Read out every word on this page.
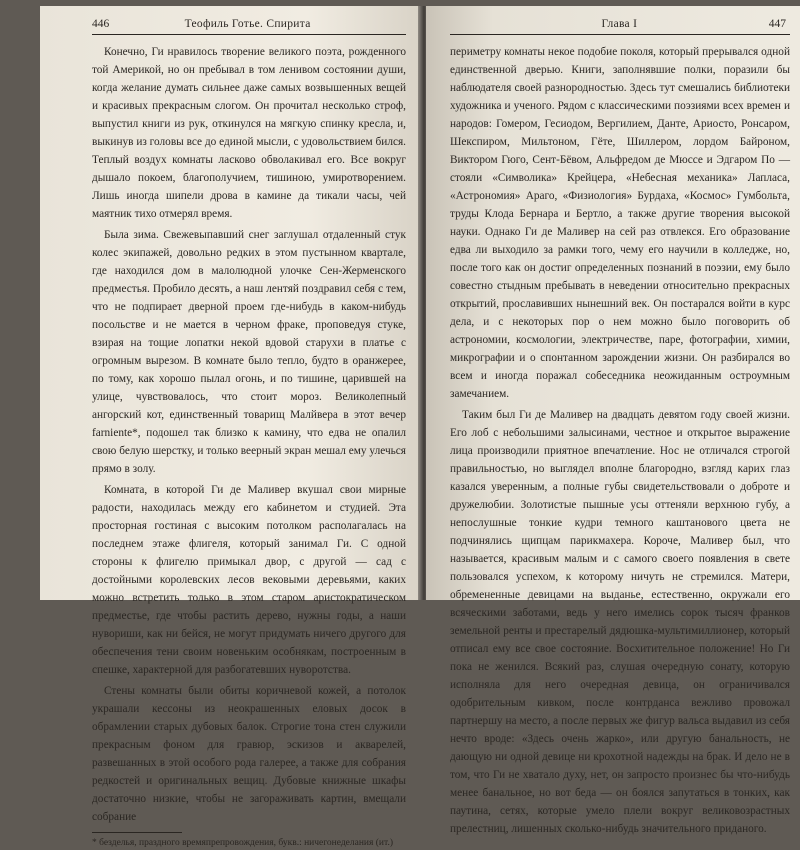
446	Теофиль Готье. Спирита

Конечно, Ги нравилось творение великого поэта, рожденного той Америкой, но он пребывал в том ленивом состоянии души, когда желание думать сильнее даже самых возвышенных вещей и красивых прекрасным слогом. Он прочитал несколько строф, выпустил книги из рук, откинулся на мягкую спинку кресла, и, выкинув из головы все до единой мысли, с удовольствием бился. Теплый воздух комнаты ласково обволакивал его. Все вокруг дышало покоем, благополучием, тишиною, умиротворением. Лишь иногда шипели дрова в камине да тикали часы, чей маятник тихо отмерял время.

Была зима. Свежевыпавший снег заглушал отдаленный стук колес экипажей, довольно редких в этом пустынном квартале, где находился дом в малолюдной улочке Сен-Жерменского предместья. Пробило десять, а наш лентяй поздравил себя с тем, что не подпирает дверной проем где-нибудь в каком-нибудь посольстве и не мается в черном фраке, проповедуя стуке, взирая на тощие лопатки некой вдовой старухи в платье с огромным вырезом. В комнате было тепло, будто в оранжерее, по тому, как хорошо пылал огонь, и по тишине, царившей на улице, чувствовалось, что стоит мороз. Великолепный ангорский кот, единственный товарищ Малйвера в этот вечер farniente*, подошел так близко к камину, что едва не опалил свою белую шерстку, и только веерный экран мешал ему улечься прямо в золу.

Комната, в которой Ги де Маливер вкушал свои мирные радости, находилась между его кабинетом и студией. Эта просторная гостиная с высоким потолком располагалась на последнем этаже флигеля, который занимал Ги. С одной стороны к флигелю примыкал двор, с другой — сад с достойными королевских лесов вековыми деревьями, каких можно встретить только в этом старом аристократическом предместье, где чтобы растить дерево, нужны годы, а наши нувориши, как ни бейся, не могут придумать ничего другого для обеспечения тени своим новеньким особнякам, построенным в спешке, характерной для разбогатевших нуворотства.

Стены комнаты были обиты коричневой кожей, а потолок украшали кессоны из неокрашенных еловых досок в обрамлении старых дубовых балок. Строгие тона стен служили прекрасным фоном для гравюр, эскизов и акварелей, развешанных в этой особого рода галерее, а также для собрания редкостей и оригинальных вещиц. Дубовые книжные шкафы достаточно низкие, чтобы не загораживать картин, вмещали собрание

* безделья, праздного времяпрепровождения, букв.: ничегонеделания (ит.)
Глава I	447

периметру комнаты некое подобие поколя, который прерывался одной единственной дверью. Книги, заполнявшие полки, поразили бы наблюдателя своей разнородностью. Здесь тут смешались библиотеки художника и ученого. Рядом с классическими поэзиями всех времен и народов: Гомером, Гесиодом, Вергилием, Данте, Ариосто, Ронсаром, Шекспиром, Мильтоном, Гёте, Шиллером, лордом Байроном, Виктором Гюго, Сент-Бёвом, Альфредом де Мюссе и Эдгаром По — стояли «Символика» Крейцера, «Небесная механика» Лапласа, «Астрономия» Араго, «Физиология» Бурдаха, «Космос» Гумбольта, труды Клода Бернара и Бертло, а также другие творения высокой науки. Однако Ги де Маливер на сей раз отвлекся. Его образование едва ли выходило за рамки того, чему его научили в колледже, но, после того как он достиг определенных познаний в поэзии, ему было совестно стыдным пребывать в неведении относительно прекрасных открытий, прославивших нынешний век. Он постарался войти в курс дела, и с некоторых пор о нем можно было поговорить об астрономии, космологии, электричестве, паре, фотографии, химии, микрографии и о спонтанном зарождении жизни. Он разбирался во всем и иногда поражал собеседника неожиданным остроумным замечанием.

Таким был Ги де Маливер на двадцать девятом году своей жизни. Его лоб с небольшими залысинами, честное и открытое выражение лица производили приятное впечатление. Нос не отличался строгой правильностью, но выглядел вполне благородно, взгляд карих глаз казался уверенным, а полные губы свидетельствовали о доброте и дружелюбии. Золотистые пышные усы оттеняли верхнюю губу, а непослушные тонкие кудри темного каштанового цвета не подчинялись щипцам парикмахера. Короче, Маливер был, что называется, красивым малым и с самого своего появления в свете пользовался успехом, к которому ничуть не стремился. Матери, обремененные девицами на выданье, естественно, окружали его всяческими заботами, ведь у него имелись сорок тысяч франков земельной ренты и престарелый дядюшка-мультимиллионер, который отписал ему все свое состояние. Восхитительное положение! Но Ги пока не женился. Всякий раз, слушая очередную сонату, которую исполняла для него очередная девица, он ограничивался одобрительным кивком, после контрданса вежливо провожал партнершу на место, а после первых же фигур вальса выдавил из себя нечто вроде: «Здесь очень жарко», или другую банальность, не дающую ни одной девице ни крохотной надежды на брак. И дело не в том, что Ги не хватало духу, нет, он запросто произнес бы что-нибудь менее банальное, но вот беда — он боялся запутаться в тонких, как паутина, сетях, которые умело плели вокруг великовозрастных прелестниц, лишенных сколько-нибудь значительного приданого.
